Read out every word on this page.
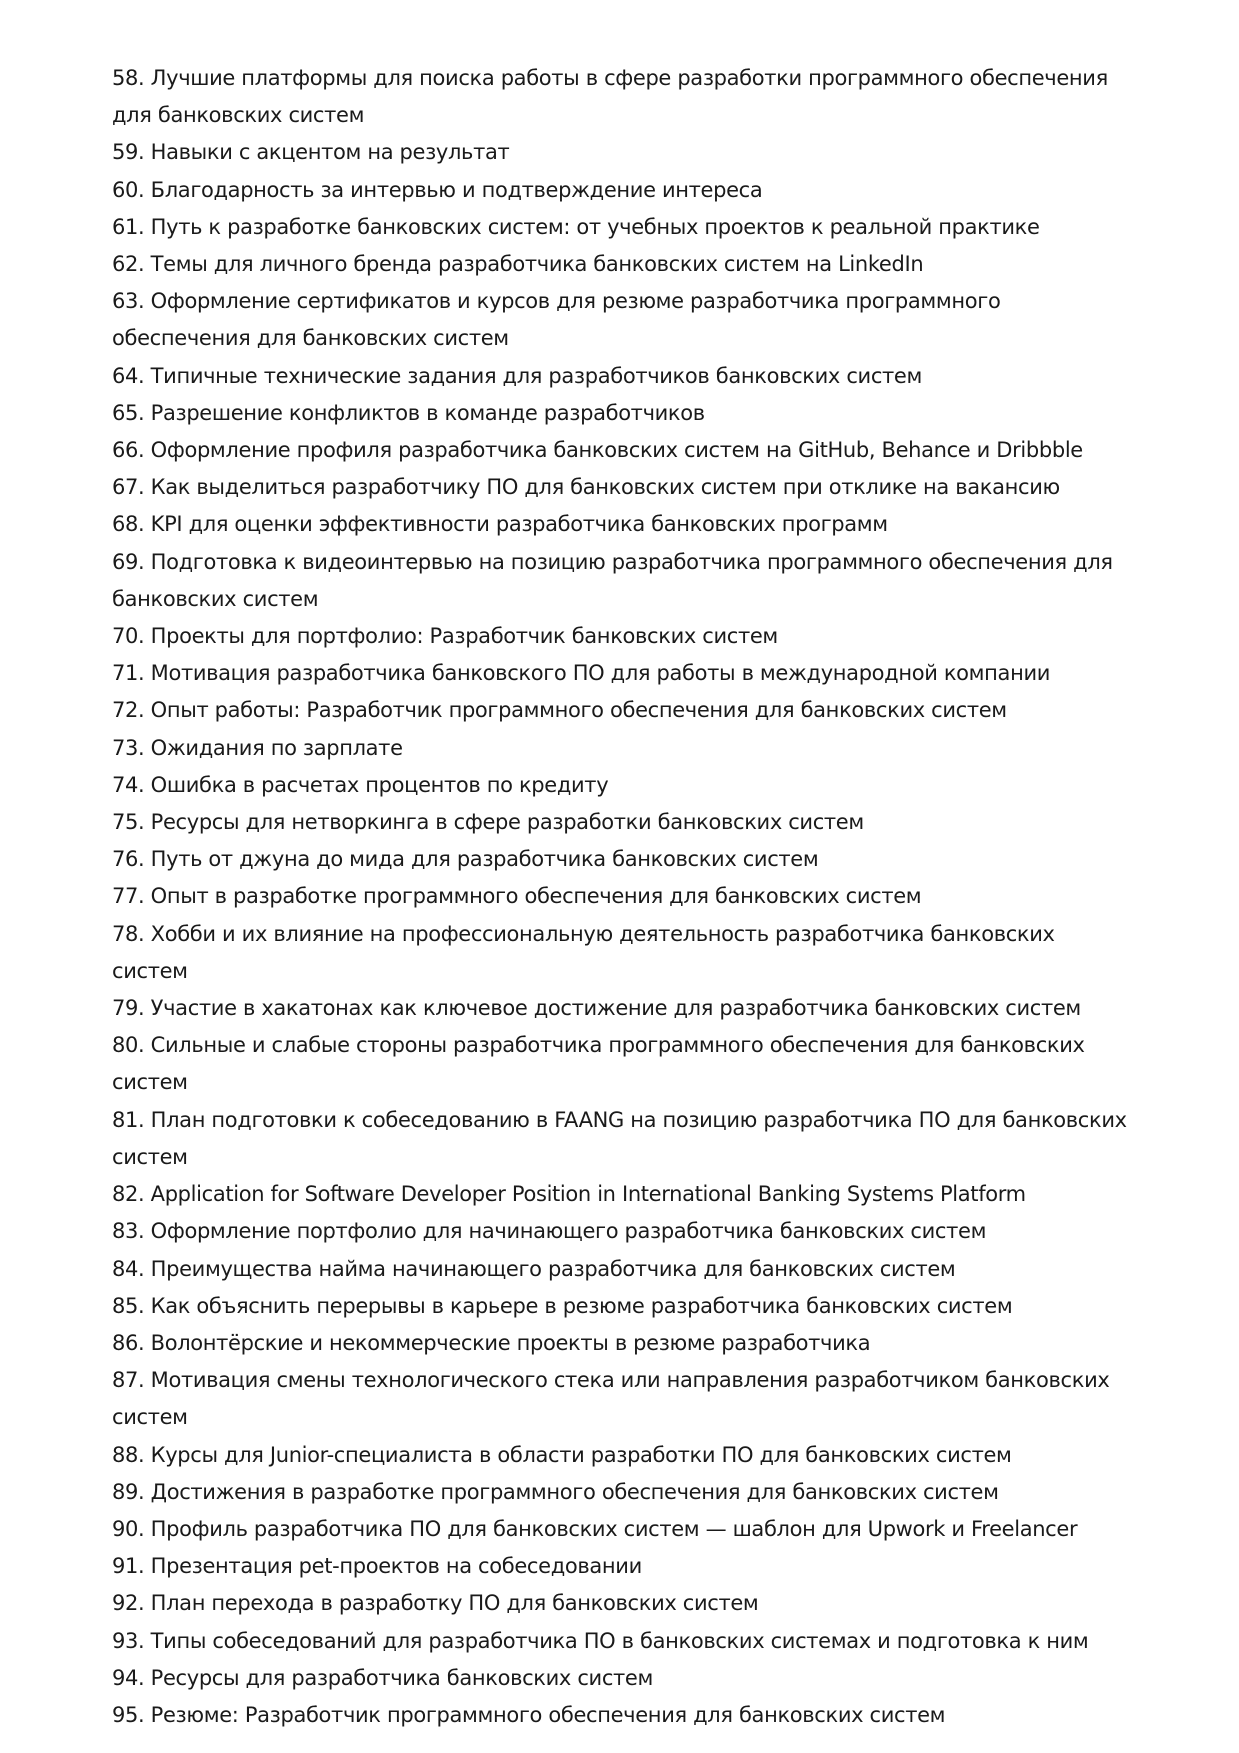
58. Лучшие платформы для поиска работы в сфере разработки программного обеспечения для банковских систем

59. Навыки с акцентом на результат

60. Благодарность за интервью и подтверждение интереса

61. Путь к разработке банковских систем: от учебных проектов к реальной практике

62. Темы для личного бренда разработчика банковских систем на LinkedIn

63. Оформление сертификатов и курсов для резюме разработчика программного обеспечения для банковских систем

64. Типичные технические задания для разработчиков банковских систем

65. Разрешение конфликтов в команде разработчиков

66. Оформление профиля разработчика банковских систем на GitHub, Behance и Dribbble

67. Как выделиться разработчику ПО для банковских систем при отклике на вакансию

68. KPI для оценки эффективности разработчика банковских программ

69. Подготовка к видеоинтервью на позицию разработчика программного обеспечения для банковских систем

70. Проекты для портфолио: Разработчик банковских систем

71. Мотивация разработчика банковского ПО для работы в международной компании

72. Опыт работы: Разработчик программного обеспечения для банковских систем

73. Ожидания по зарплате

74. Ошибка в расчетах процентов по кредиту

75. Ресурсы для нетворкинга в сфере разработки банковских систем

76. Путь от джуна до мида для разработчика банковских систем

77. Опыт в разработке программного обеспечения для банковских систем

78. Хобби и их влияние на профессиональную деятельность разработчика банковских систем

79. Участие в хакатонах как ключевое достижение для разработчика банковских систем

80. Сильные и слабые стороны разработчика программного обеспечения для банковских систем

81. План подготовки к собеседованию в FAANG на позицию разработчика ПО для банковских систем

82. Application for Software Developer Position in International Banking Systems Platform

83. Оформление портфолио для начинающего разработчика банковских систем

84. Преимущества найма начинающего разработчика для банковских систем

85. Как объяснить перерывы в карьере в резюме разработчика банковских систем

86. Волонтёрские и некоммерческие проекты в резюме разработчика

87. Мотивация смены технологического стека или направления разработчиком банковских систем

88. Курсы для Junior-специалиста в области разработки ПО для банковских систем

89. Достижения в разработке программного обеспечения для банковских систем

90. Профиль разработчика ПО для банковских систем — шаблон для Upwork и Freelancer

91. Презентация pet-проектов на собеседовании

92. План перехода в разработку ПО для банковских систем

93. Типы собеседований для разработчика ПО в банковских системах и подготовка к ним

94. Ресурсы для разработчика банковских систем

95. Резюме: Разработчик программного обеспечения для банковских систем
